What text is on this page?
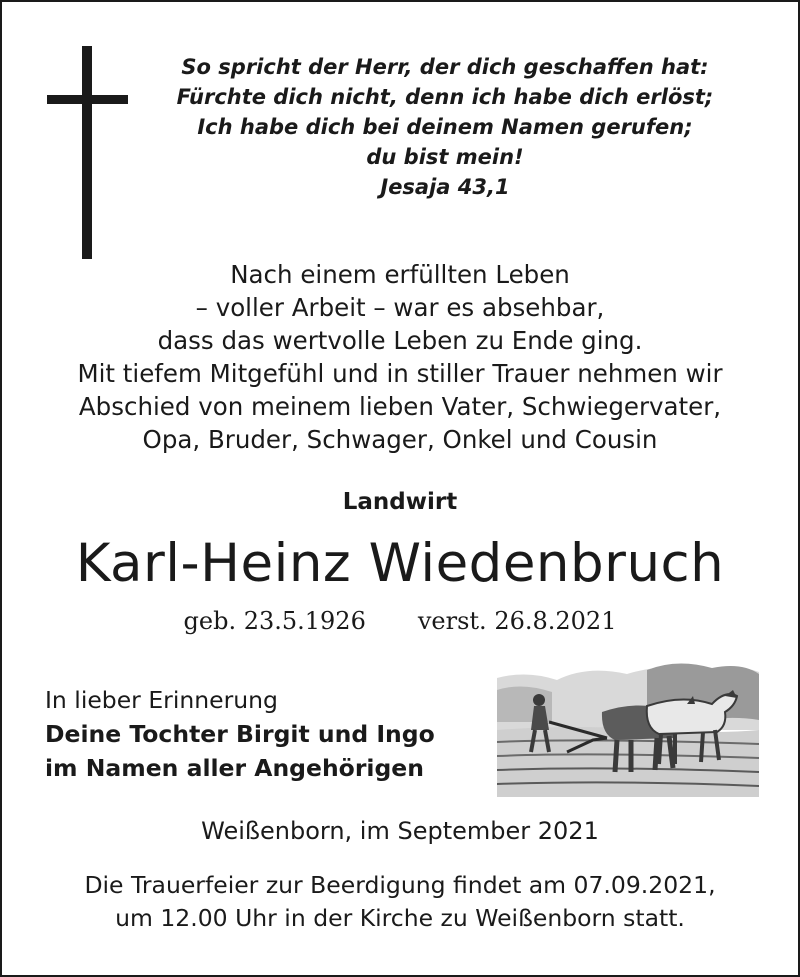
So spricht der Herr, der dich geschaffen hat:
Fürchte dich nicht, denn ich habe dich erlöst;
Ich habe dich bei deinem Namen gerufen;
du bist mein!
Jesaja 43,1
Nach einem erfüllten Leben
– voller Arbeit – war es absehbar,
dass das wertvolle Leben zu Ende ging.
Mit tiefem Mitgefühl und in stiller Trauer nehmen wir
Abschied von meinem lieben Vater, Schwiegervater,
Opa, Bruder, Schwager, Onkel und Cousin
Landwirt
Karl-Heinz Wiedenbruch
geb. 23.5.1926 verst. 26.8.2021
In lieber Erinnerung
Deine Tochter Birgit und Ingo
im Namen aller Angehörigen
Weißenborn, im September 2021
Die Trauerfeier zur Beerdigung findet am 07.09.2021,
um 12.00 Uhr in der Kirche zu Weißenborn statt.
